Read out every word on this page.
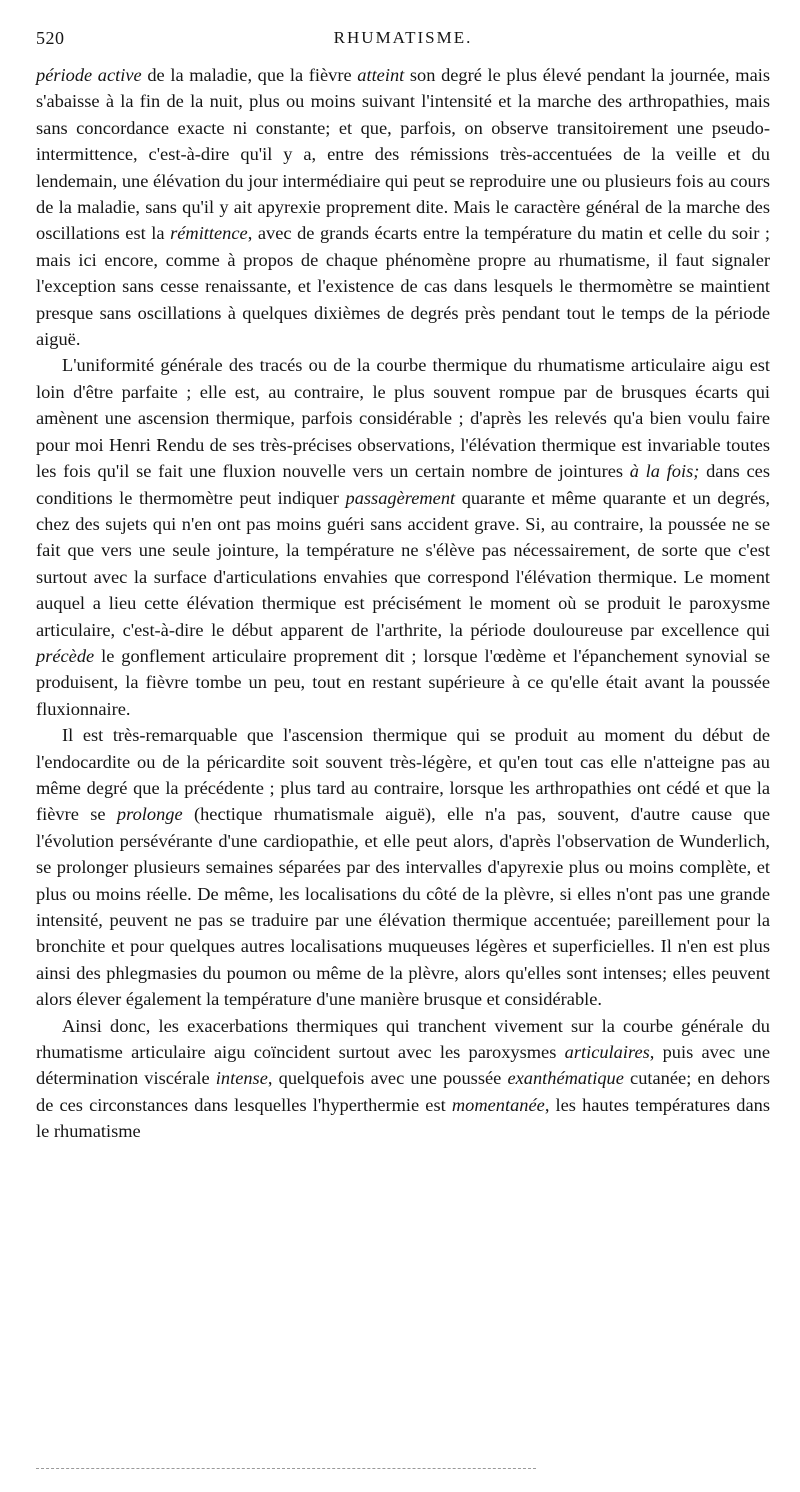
520	RHUMATISME.

période active de la maladie, que la fièvre atteint son degré le plus élevé pendant la journée, mais s'abaisse à la fin de la nuit, plus ou moins suivant l'intensité et la marche des arthropathies, mais sans concordance exacte ni constante; et que, parfois, on observe transitoirement une pseudo-intermittence, c'est-à-dire qu'il y a, entre des rémissions très-accentuées de la veille et du lendemain, une élévation du jour intermédiaire qui peut se reproduire une ou plusieurs fois au cours de la maladie, sans qu'il y ait apyrexie proprement dite. Mais le caractère général de la marche des oscillations est la rémittence, avec de grands écarts entre la température du matin et celle du soir ; mais ici encore, comme à propos de chaque phénomène propre au rhumatisme, il faut signaler l'exception sans cesse renaissante, et l'existence de cas dans lesquels le thermomètre se maintient presque sans oscillations à quelques dixièmes de degrés près pendant tout le temps de la période aiguë.

L'uniformité générale des tracés ou de la courbe thermique du rhumatisme articulaire aigu est loin d'être parfaite ; elle est, au contraire, le plus souvent rompue par de brusques écarts qui amènent une ascension thermique, parfois considérable ; d'après les relevés qu'a bien voulu faire pour moi Henri Rendu de ses très-précises observations, l'élévation thermique est invariable toutes les fois qu'il se fait une fluxion nouvelle vers un certain nombre de jointures à la fois; dans ces conditions le thermomètre peut indiquer passagèrement quarante et même quarante et un degrés, chez des sujets qui n'en ont pas moins guéri sans accident grave. Si, au contraire, la poussée ne se fait que vers une seule jointure, la température ne s'élève pas nécessairement, de sorte que c'est surtout avec la surface d'articulations envahies que correspond l'élévation thermique. Le moment auquel a lieu cette élévation thermique est précisément le moment où se produit le paroxysme articulaire, c'est-à-dire le début apparent de l'arthrite, la période douloureuse par excellence qui précède le gonflement articulaire proprement dit ; lorsque l'œdème et l'épanchement synovial se produisent, la fièvre tombe un peu, tout en restant supérieure à ce qu'elle était avant la poussée fluxionnaire.

Il est très-remarquable que l'ascension thermique qui se produit au moment du début de l'endocardite ou de la péricardite soit souvent très-légère, et qu'en tout cas elle n'atteigne pas au même degré que la précédente ; plus tard au contraire, lorsque les arthropathies ont cédé et que la fièvre se prolonge (hectique rhumatismale aiguë), elle n'a pas, souvent, d'autre cause que l'évolution persévérante d'une cardiopathie, et elle peut alors, d'après l'observation de Wunderlich, se prolonger plusieurs semaines séparées par des intervalles d'apyrexie plus ou moins complète, et plus ou moins réelle. De même, les localisations du côté de la plèvre, si elles n'ont pas une grande intensité, peuvent ne pas se traduire par une élévation thermique accentuée; pareillement pour la bronchite et pour quelques autres localisations muqueuses légères et superficielles. Il n'en est plus ainsi des phlegmasies du poumon ou même de la plèvre, alors qu'elles sont intenses; elles peuvent alors élever également la température d'une manière brusque et considérable.

Ainsi donc, les exacerbations thermiques qui tranchent vivement sur la courbe générale du rhumatisme articulaire aigu coïncident surtout avec les paroxysmes articulaires, puis avec une détermination viscérale intense, quelquefois avec une poussée exanthématique cutanée; en dehors de ces circonstances dans lesquelles l'hyperthermie est momentanée, les hautes températures dans le rhumatisme
